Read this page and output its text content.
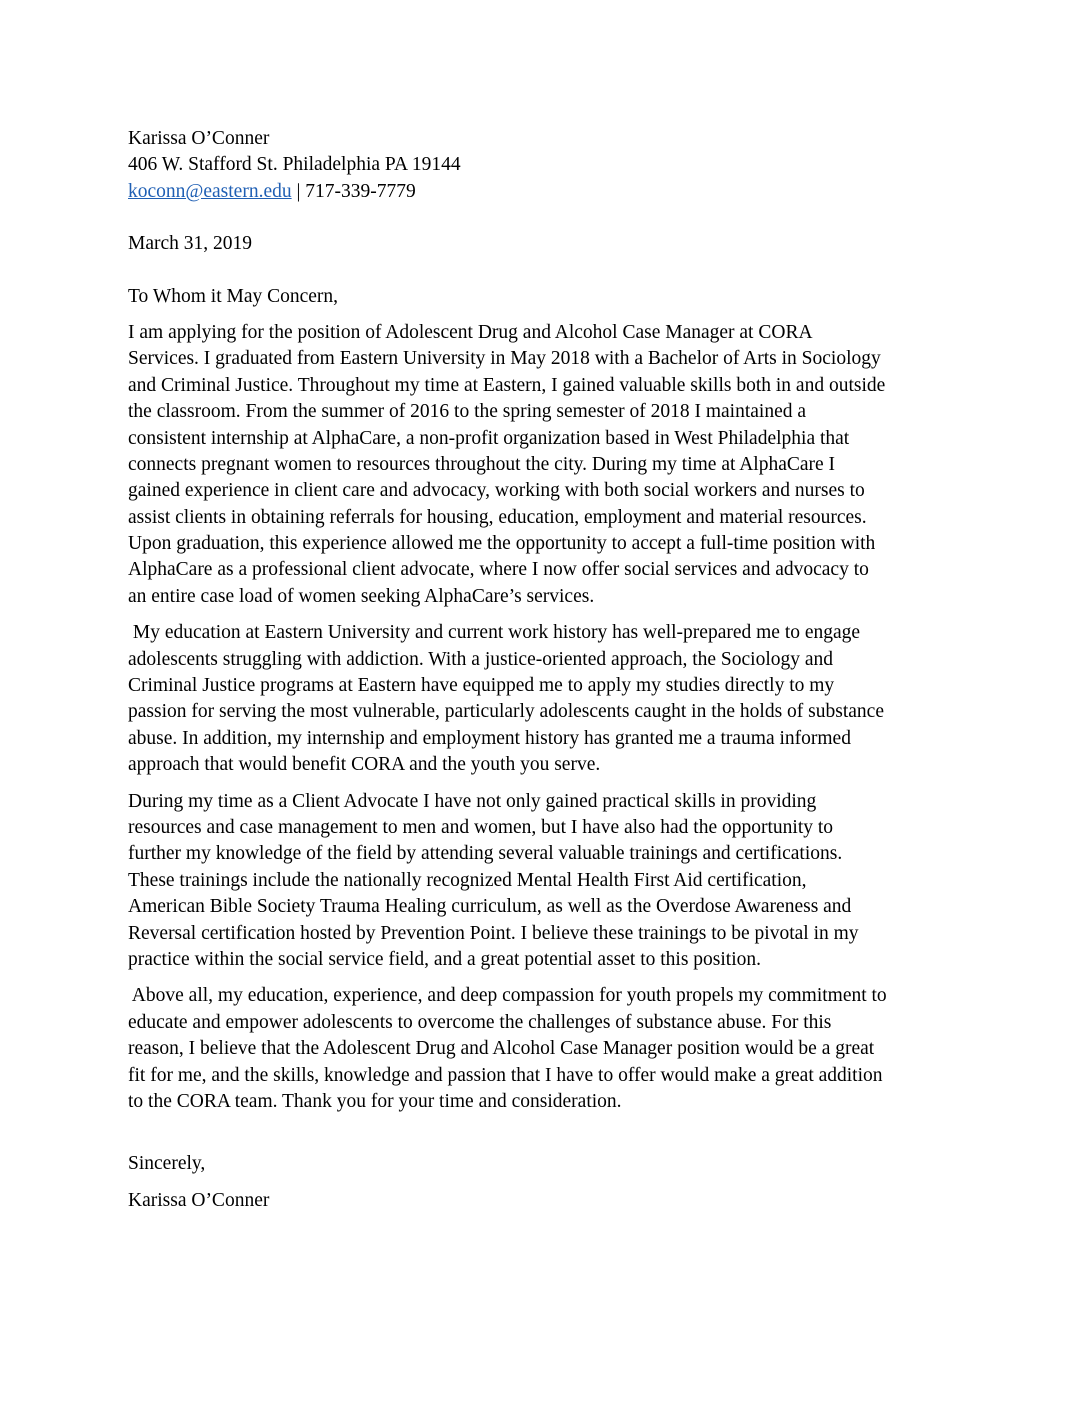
Karissa O’Conner
406 W. Stafford St. Philadelphia PA 19144
koconn@eastern.edu | 717-339-7779
March 31, 2019
To Whom it May Concern,
I am applying for the position of Adolescent Drug and Alcohol Case Manager at CORA
Services. I graduated from Eastern University in May 2018 with a Bachelor of Arts in Sociology
and Criminal Justice. Throughout my time at Eastern, I gained valuable skills both in and outside
the classroom. From the summer of 2016 to the spring semester of 2018 I maintained a
consistent internship at AlphaCare, a non-profit organization based in West Philadelphia that
connects pregnant women to resources throughout the city. During my time at AlphaCare I
gained experience in client care and advocacy, working with both social workers and nurses to
assist clients in obtaining referrals for housing, education, employment and material resources.
Upon graduation, this experience allowed me the opportunity to accept a full-time position with
AlphaCare as a professional client advocate, where I now offer social services and advocacy to
an entire case load of women seeking AlphaCare’s services.
My education at Eastern University and current work history has well-prepared me to engage
adolescents struggling with addiction. With a justice-oriented approach, the Sociology and
Criminal Justice programs at Eastern have equipped me to apply my studies directly to my
passion for serving the most vulnerable, particularly adolescents caught in the holds of substance
abuse. In addition, my internship and employment history has granted me a trauma informed
approach that would benefit CORA and the youth you serve.
During my time as a Client Advocate I have not only gained practical skills in providing
resources and case management to men and women, but I have also had the opportunity to
further my knowledge of the field by attending several valuable trainings and certifications.
These trainings include the nationally recognized Mental Health First Aid certification,
American Bible Society Trauma Healing curriculum, as well as the Overdose Awareness and
Reversal certification hosted by Prevention Point. I believe these trainings to be pivotal in my
practice within the social service field, and a great potential asset to this position.
Above all, my education, experience, and deep compassion for youth propels my commitment to
educate and empower adolescents to overcome the challenges of substance abuse. For this
reason, I believe that the Adolescent Drug and Alcohol Case Manager position would be a great
fit for me, and the skills, knowledge and passion that I have to offer would make a great addition
to the CORA team. Thank you for your time and consideration.
Sincerely,
Karissa O’Conner
